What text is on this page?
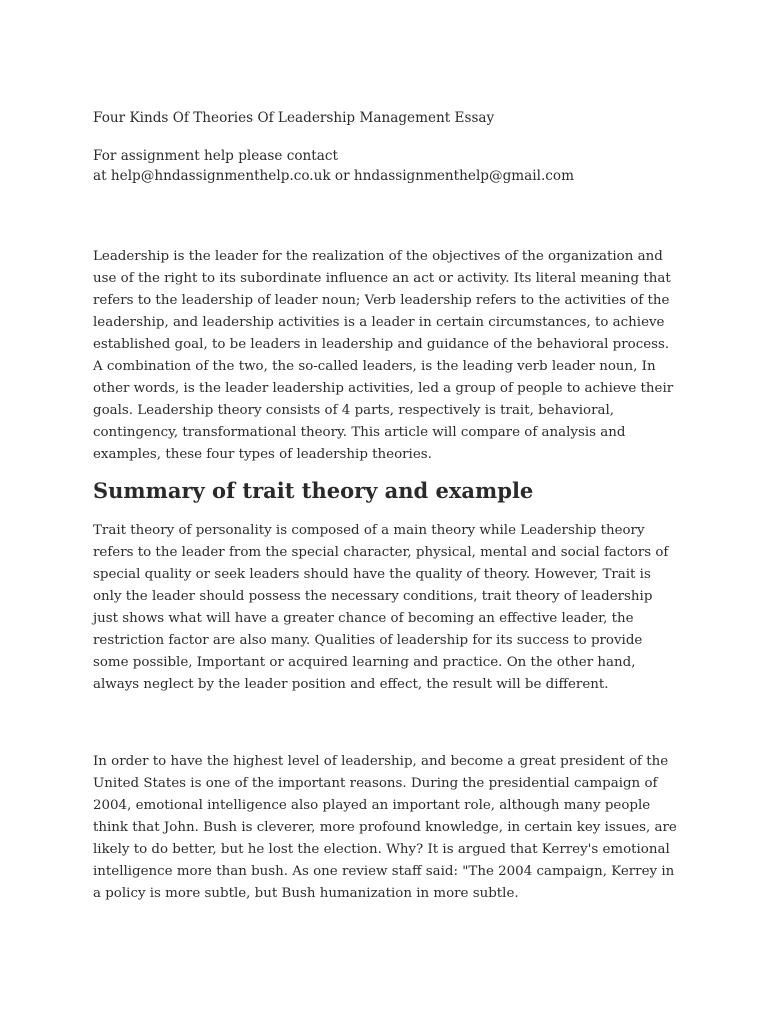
Four Kinds Of Theories Of Leadership Management Essay

For assignment help please contact

at help@hndassignmenthelp.co.uk or hndassignmenthelp@gmail.com

Leadership is the leader for the realization of the objectives of the organization and use of the right to its subordinate influence an act or activity. Its literal meaning that refers to the leadership of leader noun; Verb leadership refers to the activities of the leadership, and leadership activities is a leader in certain circumstances, to achieve established goal, to be leaders in leadership and guidance of the behavioral process. A combination of the two, the so-called leaders, is the leading verb leader noun, In other words, is the leader leadership activities, led a group of people to achieve their goals. Leadership theory consists of 4 parts, respectively is trait, behavioral, contingency, transformational theory. This article will compare of analysis and examples, these four types of leadership theories.

Summary of trait theory and example

Trait theory of personality is composed of a main theory while Leadership theory refers to the leader from the special character, physical, mental and social factors of special quality or seek leaders should have the quality of theory. However, Trait is only the leader should possess the necessary conditions, trait theory of leadership just shows what will have a greater chance of becoming an effective leader, the restriction factor are also many. Qualities of leadership for its success to provide some possible, Important or acquired learning and practice. On the other hand, always neglect by the leader position and effect, the result will be different.

In order to have the highest level of leadership, and become a great president of the United States is one of the important reasons. During the presidential campaign of 2004, emotional intelligence also played an important role, although many people think that John. Bush is cleverer, more profound knowledge, in certain key issues, are likely to do better, but he lost the election. Why? It is argued that Kerrey's emotional intelligence more than bush. As one review staff said: "The 2004 campaign, Kerrey in a policy is more subtle, but Bush humanization in more subtle.
